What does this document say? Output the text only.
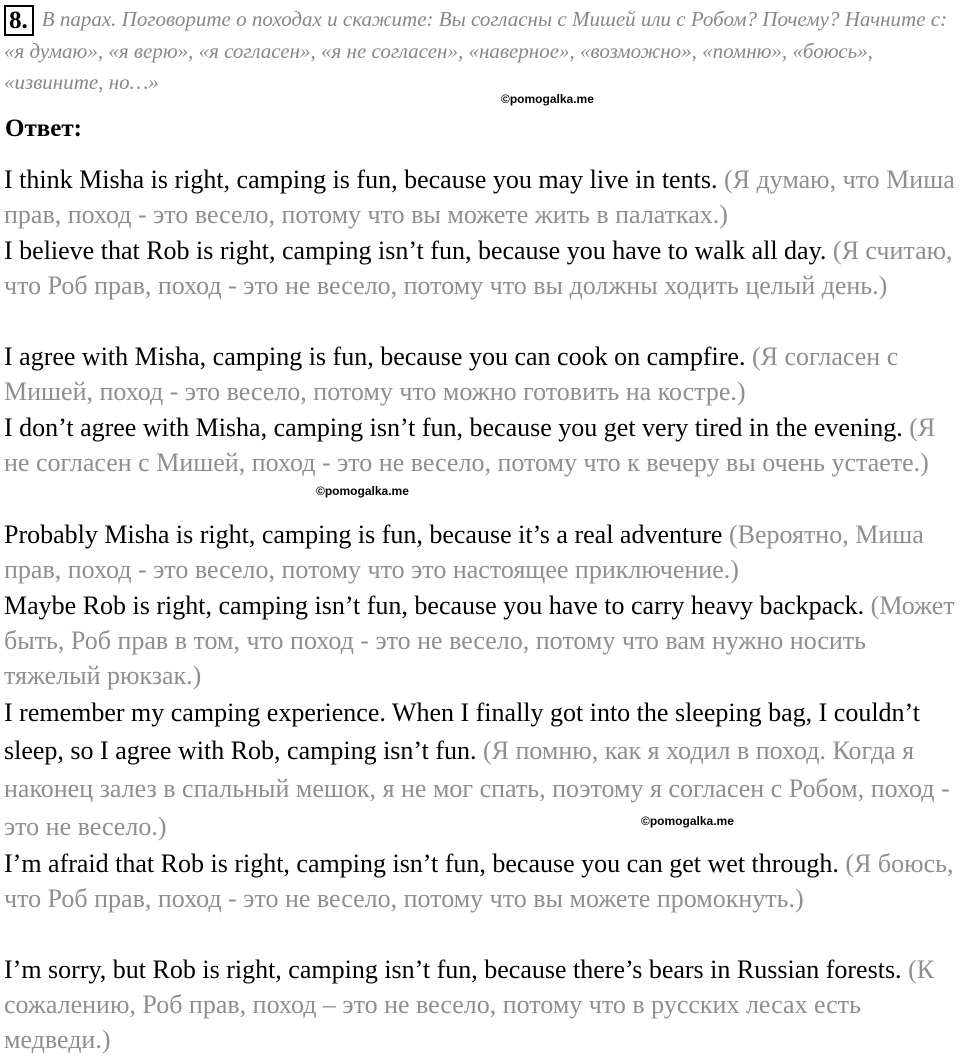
8. В парах. Поговорите о походах и скажите: Вы согласны с Мишей или с Робом? Почему? Начните с: «я думаю», «я верю», «я согласен», «я не согласен», «наверное», «возможно», «помню», «боюсь», «извините, но…»
©pomogalka.me
Ответ:
I think Misha is right, camping is fun, because you may live in tents. (Я думаю, что Миша прав, поход - это весело, потому что вы можете жить в палатках.)
I believe that Rob is right, camping isn’t fun, because you have to walk all day. (Я считаю, что Роб прав, поход - это не весело, потому что вы должны ходить целый день.)
I agree with Misha, camping is fun, because you can cook on campfire. (Я согласен с Мишей, поход - это весело, потому что можно готовить на костре.)
I don’t agree with Misha, camping isn’t fun, because you get very tired in the evening. (Я не согласен с Мишей, поход - это не весело, потому что к вечеру вы очень устаете.)
©pomogalka.me
Probably Misha is right, camping is fun, because it’s a real adventure (Вероятно, Миша прав, поход - это весело, потому что это настоящее приключение.)
Maybe Rob is right, camping isn’t fun, because you have to carry heavy backpack. (Может быть, Роб прав в том, что поход - это не весело, потому что вам нужно носить тяжелый рюкзак.)
I remember my camping experience. When I finally got into the sleeping bag, I couldn’t sleep, so I agree with Rob, camping isn’t fun. (Я помню, как я ходил в поход. Когда я наконец залез в спальный мешок, я не мог спать, поэтому я согласен с Робом, поход - это не весело.)	©pomogalka.me
I’m afraid that Rob is right, camping isn’t fun, because you can get wet through. (Я боюсь, что Роб прав, поход - это не весело, потому что вы можете промокнуть.)
I’m sorry, but Rob is right, camping isn’t fun, because there’s bears in Russian forests. (К сожалению, Роб прав, поход – это не весело, потому что в русских лесах есть медведи.)
